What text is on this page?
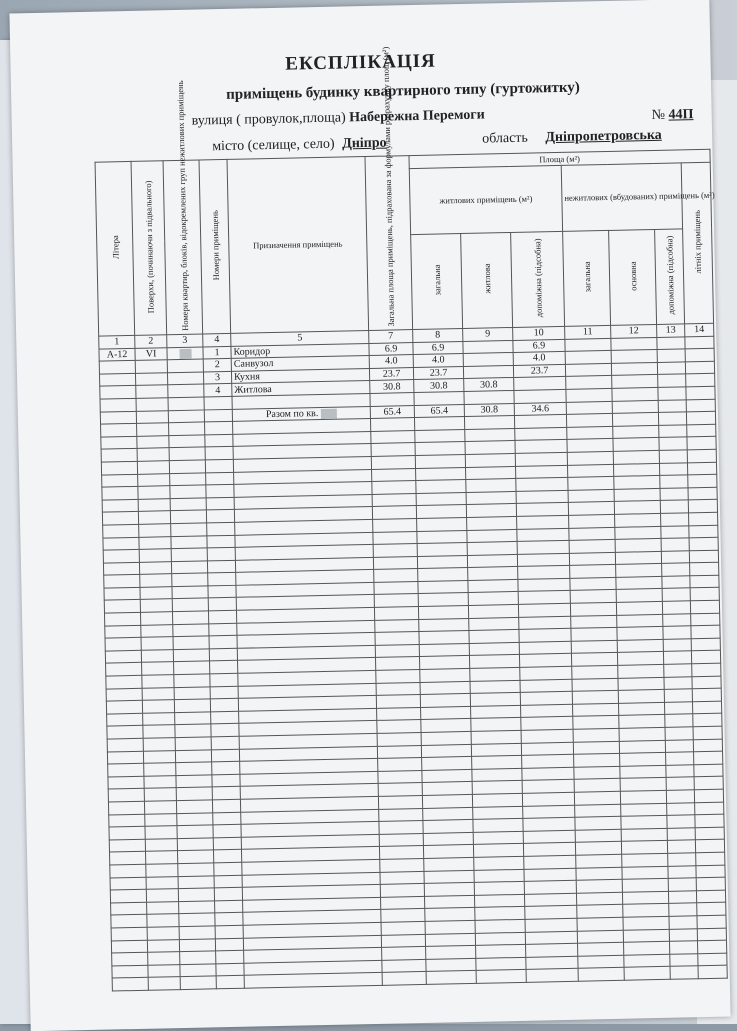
ЕКСПЛІКАЦІЯ
приміщень будинку квартирного типу (гуртожитку)
вулиця ( провулок,площа) Набережна Перемоги	№ 44П
місто (селище, село) Дніпро	область Дніпропетровська
Літера	Поверхи, (починаючи з підвального)	Номери квартир, блоків, відокремлених груп нежитлових приміщень	Номери приміщень	Призначення приміщень	Загальна площа приміщень, підрахована за формулами розрахунку площ (м²)	Площа (м²)						
						житлових приміщень (м²)			нежитлових (вбудованих) приміщень (м²)			літніх приміщень
						загальна	житлова	допоміжна (підсобна)	загальна	основна	допоміжна (підсобна)	
1	2	3	4	5	7	8	9	10	11	12	13	14
А-12	VI		1	Коридор	6.9	6.9		6.9				
			2	Санвузол	4.0	4.0		4.0				
			3	Кухня	23.7	23.7		23.7				
			4	Житлова	30.8	30.8	30.8					

				Разом по кв.	65.4	65.4	30.8	34.6				
